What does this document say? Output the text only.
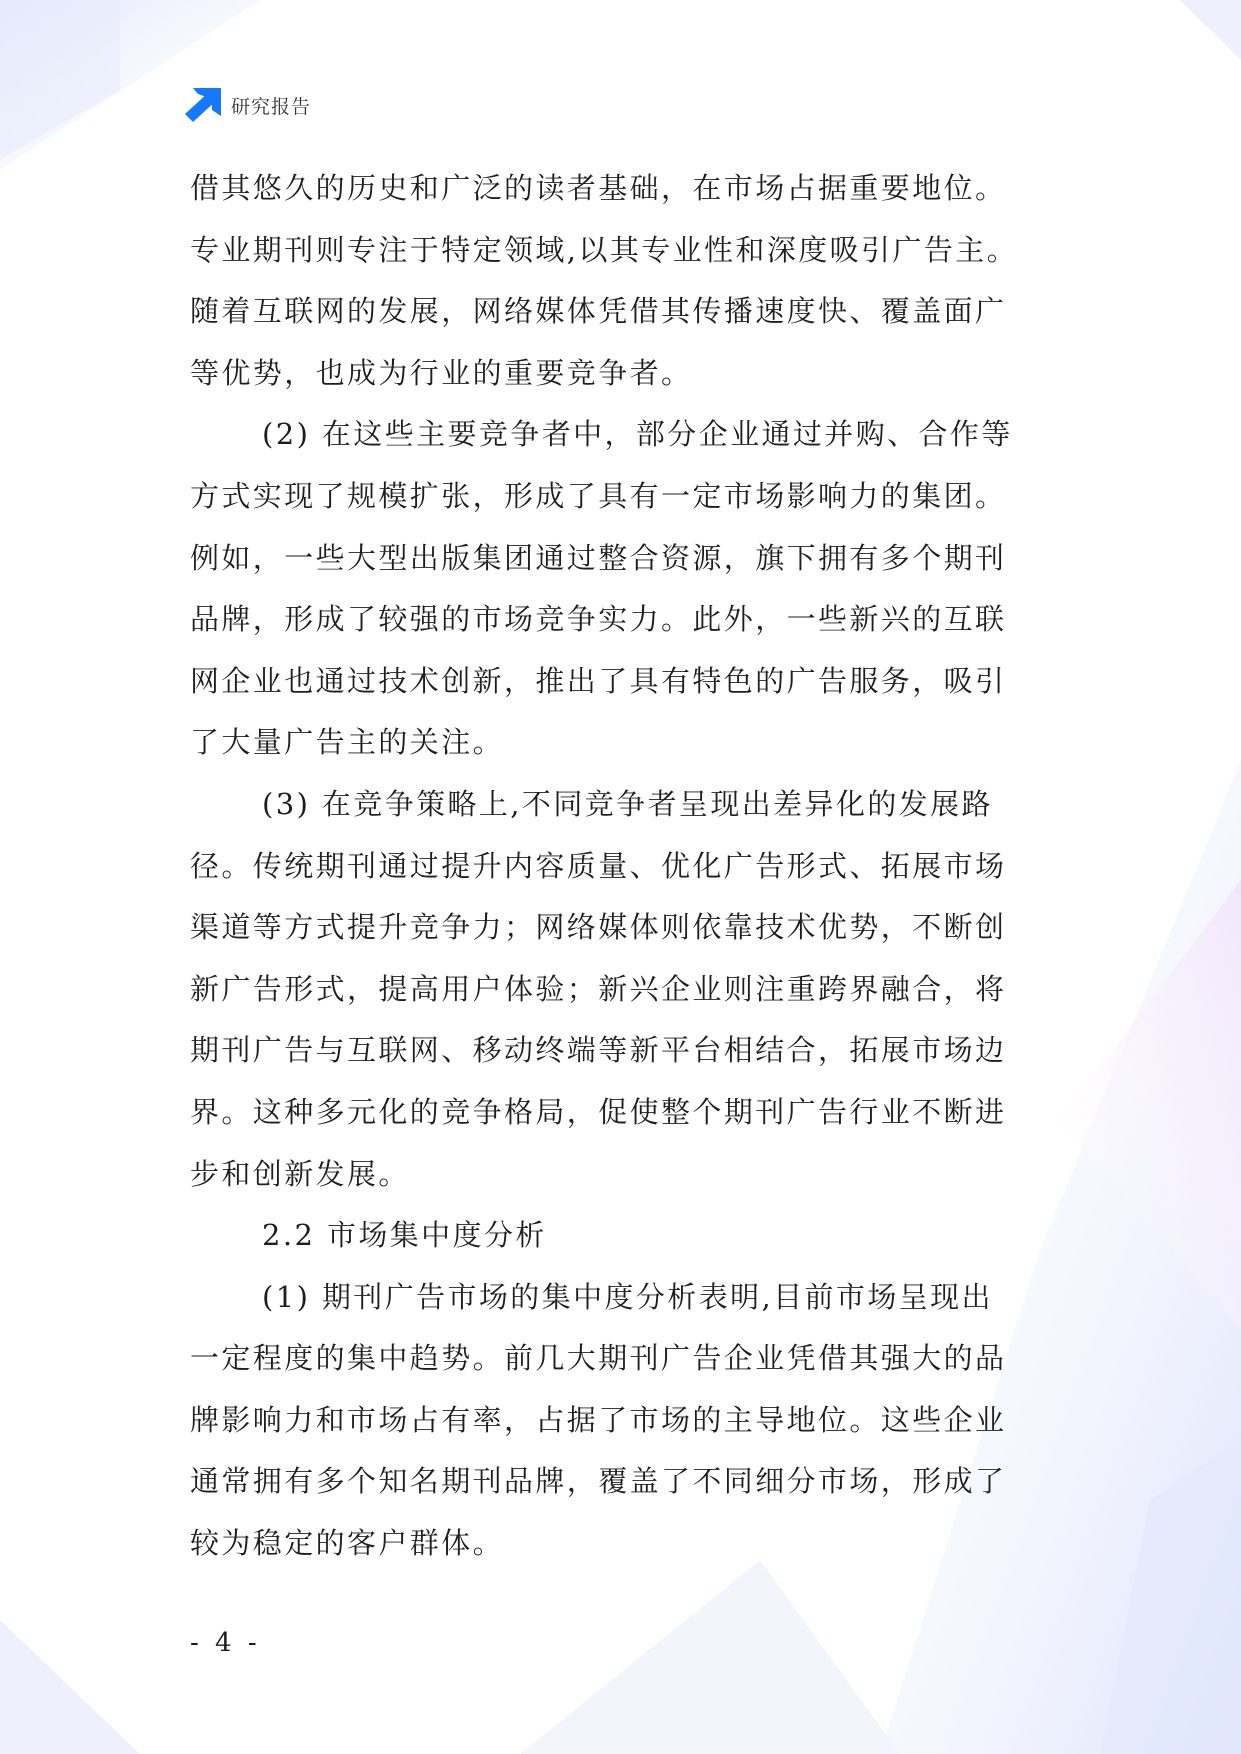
研究报告
借其悠久的历史和广泛的读者基础，在市场占据重要地位。
专业期刊则专注于特定领域,以其专业性和深度吸引广告主。
随着互联网的发展，网络媒体凭借其传播速度快、覆盖面广
等优势，也成为行业的重要竞争者。
(2) 在这些主要竞争者中，部分企业通过并购、合作等
方式实现了规模扩张，形成了具有一定市场影响力的集团。
例如，一些大型出版集团通过整合资源，旗下拥有多个期刊
品牌，形成了较强的市场竞争实力。此外，一些新兴的互联
网企业也通过技术创新，推出了具有特色的广告服务，吸引
了大量广告主的关注。
(3) 在竞争策略上,不同竞争者呈现出差异化的发展路
径。传统期刊通过提升内容质量、优化广告形式、拓展市场
渠道等方式提升竞争力；网络媒体则依靠技术优势，不断创
新广告形式，提高用户体验；新兴企业则注重跨界融合，将
期刊广告与互联网、移动终端等新平台相结合，拓展市场边
界。这种多元化的竞争格局，促使整个期刊广告行业不断进
步和创新发展。
2.2 市场集中度分析
(1) 期刊广告市场的集中度分析表明,目前市场呈现出
一定程度的集中趋势。前几大期刊广告企业凭借其强大的品
牌影响力和市场占有率，占据了市场的主导地位。这些企业
通常拥有多个知名期刊品牌，覆盖了不同细分市场，形成了
较为稳定的客户群体。
- 4 -
